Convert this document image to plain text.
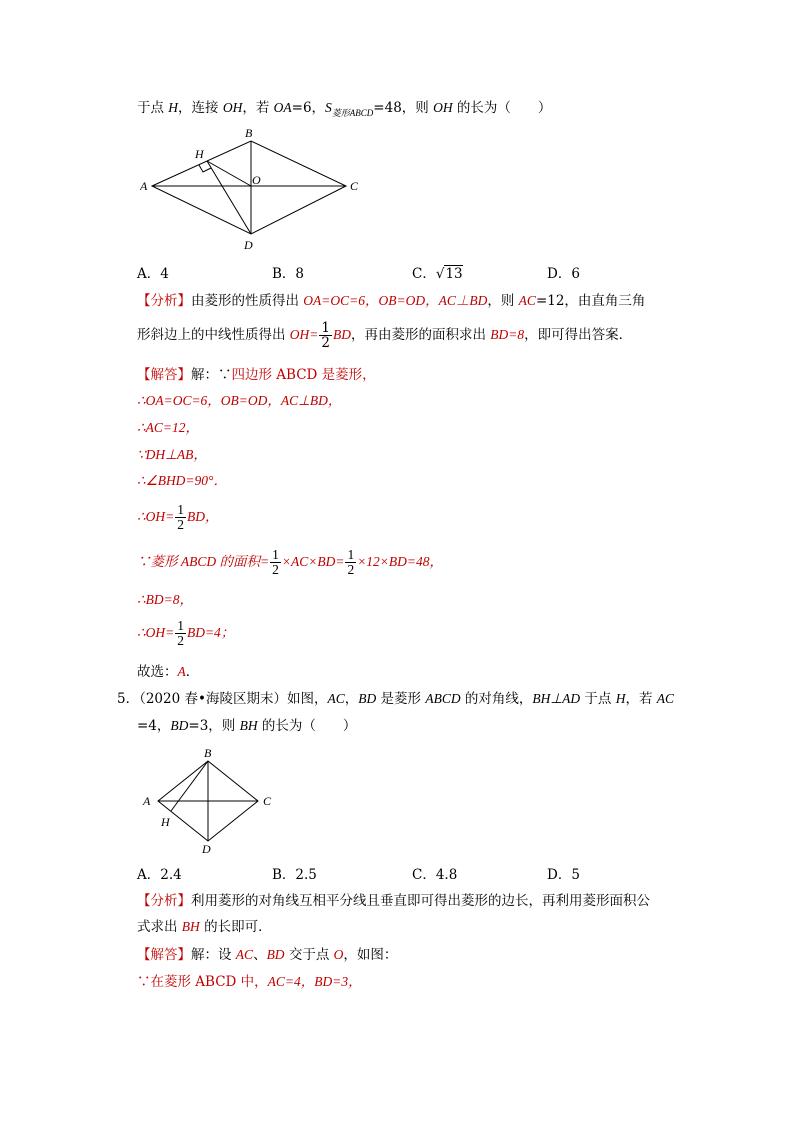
于点 H，连接 OH，若 OA=6，$S_{菱形ABCD}=48$，则 OH 的长为（　　）
A
B
C
D
H
O
A．4	B．8	C．√13	D．6
【分析】由菱形的性质得出 OA=OC=6，OB=OD，AC⊥BD，则 AC=12，由直角三角
形斜边上的中线性质得出 $OH= \frac{1}{2}$ BD，再由菱形的面积求出 BD=8，即可得出答案．
【解答】解：∵四边形 ABCD 是菱形，
∴OA=OC=6，OB=OD，AC⊥BD，
∴AC=12，
∵DH⊥AB，
∴∠BHD=90°．
∴OH= $\frac{1}{2}$ BD，
∵菱形 ABCD 的面积= $\frac{1}{2} \times AC\times BD= \frac{1}{2} \times 12\times BD=48$，
∴BD=8，
∴OH= $\frac{1}{2} BD=4$；
故选：A．
5．（2020 春•海陵区期末）如图，AC，BD 是菱形 ABCD 的对角线，BH⊥AD 于点 H，若 AC
=4，BD=3，则 BH 的长为（　　）
A
B
C
D
H
A．2.4	B．2.5	C．4.8	D．5
【分析】利用菱形的对角线互相平分线且垂直即可得出菱形的边长，再利用菱形面积公
式求出 BH 的长即可．
【解答】解：设 AC、BD 交于点 O，如图：
∵在菱形 ABCD 中，AC=4，BD=3，
